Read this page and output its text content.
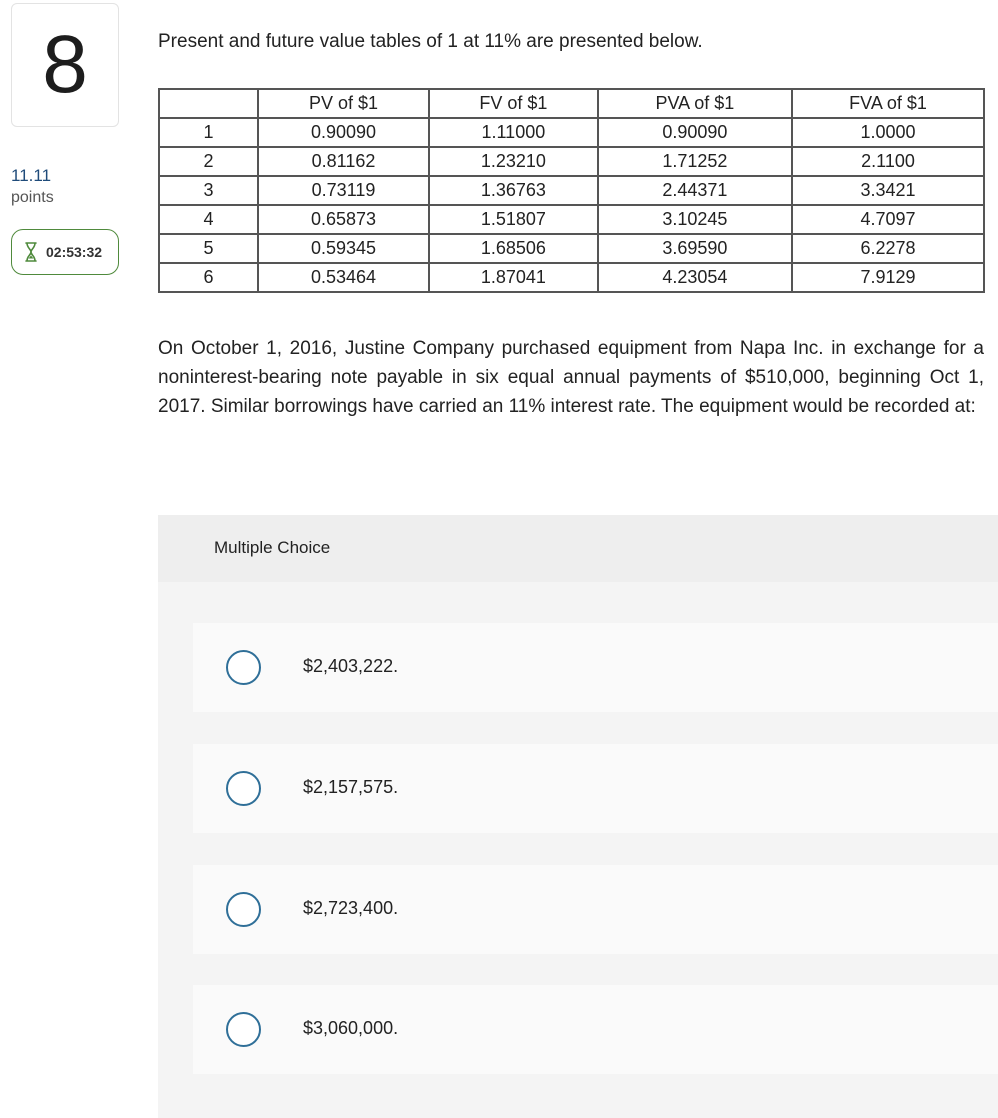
8
11.11
points
02:53:32
Present and future value tables of 1 at 11% are presented below.
	PV of $1	FV of $1	PVA of $1	FVA of $1
1	0.90090	1.11000	0.90090	1.0000
2	0.81162	1.23210	1.71252	2.1100
3	0.73119	1.36763	2.44371	3.3421
4	0.65873	1.51807	3.10245	4.7097
5	0.59345	1.68506	3.69590	6.2278
6	0.53464	1.87041	4.23054	7.9129
On October 1, 2016, Justine Company purchased equipment from Napa Inc. in exchange for a noninterest-bearing note payable in six equal annual payments of $510,000, beginning Oct 1, 2017. Similar borrowings have carried an 11% interest rate. The equipment would be recorded at:
Multiple Choice
$2,403,222.
$2,157,575.
$2,723,400.
$3,060,000.
